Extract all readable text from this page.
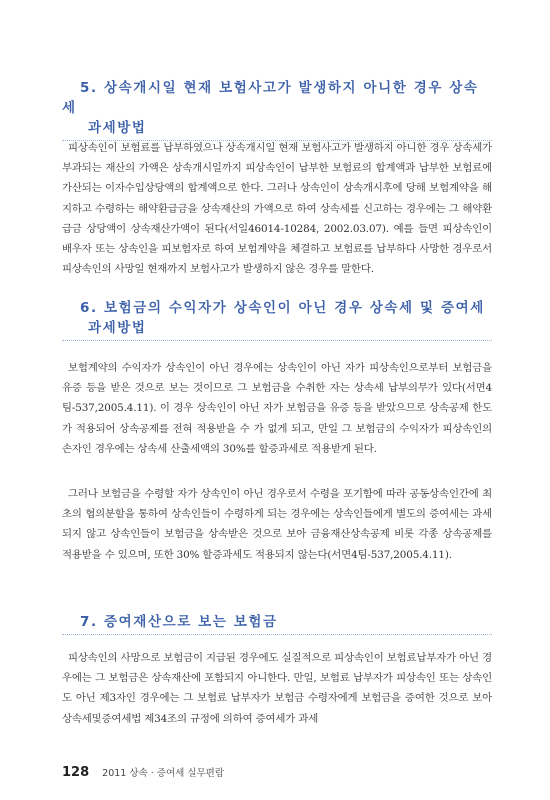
5. 상속개시일 현재 보험사고가 발생하지 아니한 경우 상속세
과세방법

피상속인이 보험료를 납부하였으나 상속개시일 현재 보험사고가 발생하지 아니한 경우 상속세가 부과되는 재산의 가액은 상속개시일까지 피상속인이 납부한 보험료의 합계액과 납부한 보험료에 가산되는 이자수입상당액의 합계액으로 한다. 그러나 상속인이 상속개시후에 당해 보험계약을 해지하고 수령하는 해약환급금을 상속재산의 가액으로 하여 상속세를 신고하는 경우에는 그 해약환급금 상당액이 상속재산가액이 된다(서일46014-10284, 2002.03.07). 예를 들면 피상속인이 배우자 또는 상속인을 피보험자로 하여 보험계약을 체결하고 보험료를 납부하다 사망한 경우로서 피상속인의 사망일 현재까지 보험사고가 발생하지 않은 경우를 말한다.

6. 보험금의 수익자가 상속인이 아닌 경우 상속세 및 증여세
과세방법

보험계약의 수익자가 상속인이 아닌 경우에는 상속인이 아닌 자가 피상속인으로부터 보험금을 유증 등을 받은 것으로 보는 것이므로 그 보험금을 수취한 자는 상속세 납부의무가 있다(서면4팀-537,2005.4.11). 이 경우 상속인이 아닌 자가 보험금을 유증 등을 받았으므로 상속공제 한도가 적용되어 상속공제를 전혀 적용받을 수 가 없게 되고, 만일 그 보험금의 수익자가 피상속인의 손자인 경우에는 상속세 산출세액의 30%를 할증과세로 적용받게 된다.

그러나 보험금을 수령할 자가 상속인이 아닌 경우로서 수령을 포기함에 따라 공동상속인간에 최초의 협의분할을 통하여 상속인들이 수령하게 되는 경우에는 상속인들에게 별도의 증여세는 과세되지 않고 상속인들이 보험금을 상속받은 것으로 보아 금융재산상속공제 비롯 각종 상속공제를 적용받을 수 있으며, 또한 30% 할증과세도 적용되지 않는다(서면4팀-537,2005.4.11).

7. 증여재산으로 보는 보험금

피상속인의 사망으로 보험금이 지급된 경우에도 실질적으로 피상속인이 보험료납부자가 아닌 경우에는 그 보험금은 상속재산에 포함되지 아니한다. 만일, 보험료 납부자가 피상속인 또는 상속인도 아닌 제3자인 경우에는 그 보험료 납부자가 보험금 수령자에게 보험금을 증여한 것으로 보아 상속세및증여세법 제34조의 규정에 의하여 증여세가 과세

128 2011 상속 · 증여세 실무편람
